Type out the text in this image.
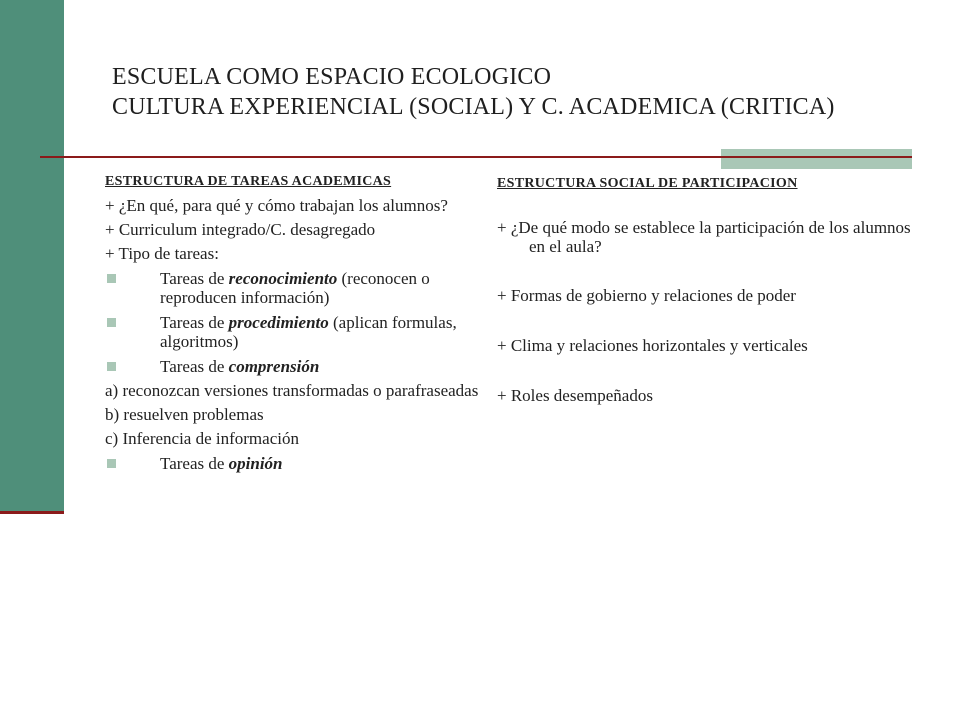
ESCUELA COMO ESPACIO ECOLOGICO
CULTURA EXPERIENCIAL (SOCIAL) Y C. ACADEMICA (CRITICA)
ESTRUCTURA DE TAREAS ACADEMICAS
+ ¿En qué, para qué y cómo trabajan los alumnos?
+ Curriculum integrado/C. desagregado
+ Tipo de tareas:
Tareas de reconocimiento (reconocen o reproducen información)
Tareas de procedimiento (aplican formulas, algoritmos)
Tareas de comprensión
a) reconozcan versiones transformadas o parafraseadas
b) resuelven problemas
c) Inferencia de información
Tareas de opinión
ESTRUCTURA SOCIAL DE PARTICIPACION
+ ¿De qué modo se establece la participación de los alumnos en el aula?
+ Formas de gobierno y relaciones de poder
+ Clima y relaciones horizontales y verticales
+ Roles desempeñados
